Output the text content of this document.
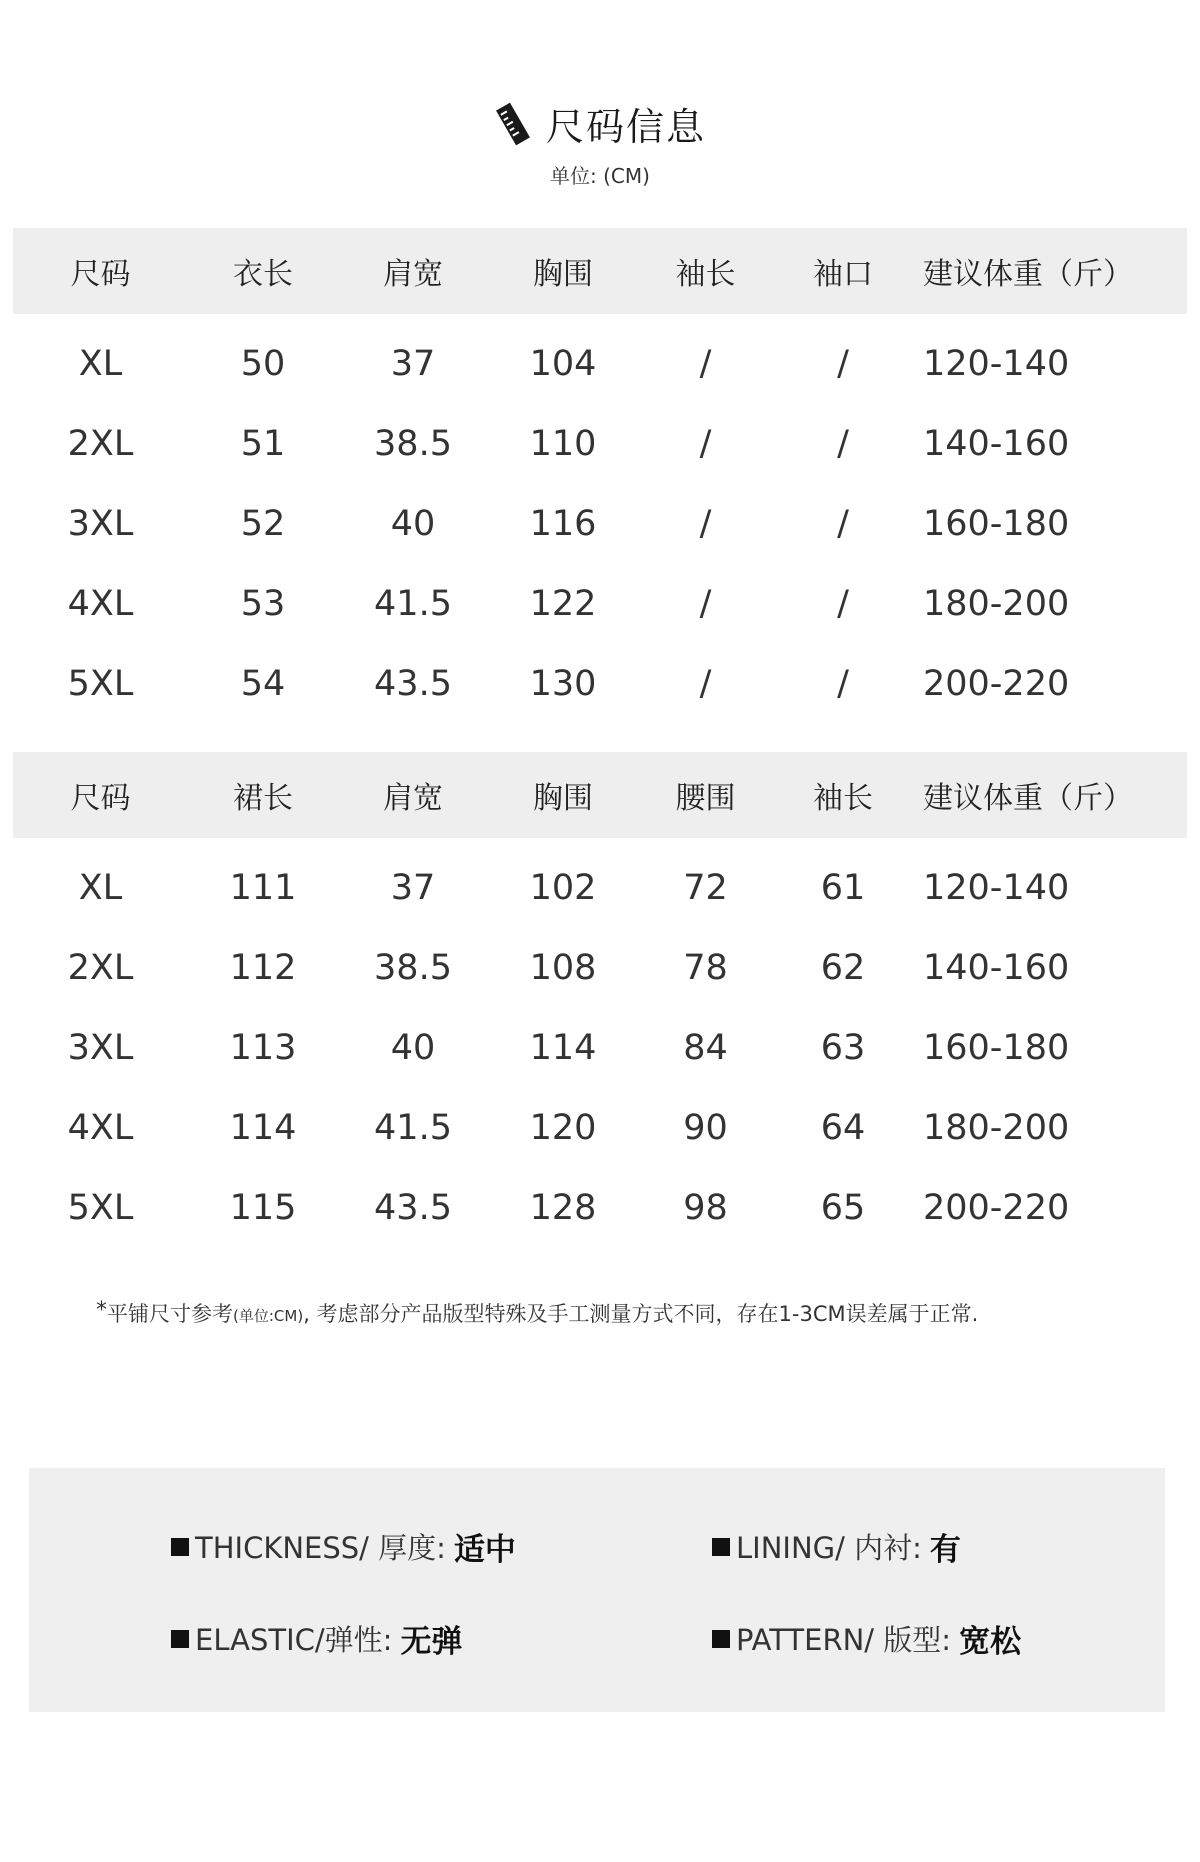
尺码信息
单位: (CM)
尺码	衣长	肩宽	胸围	袖长	袖口	建议体重（斤）
XL	50	37	104	/	/	120-140
2XL	51	38.5	110	/	/	140-160
3XL	52	40	116	/	/	160-180
4XL	53	41.5	122	/	/	180-200
5XL	54	43.5	130	/	/	200-220
尺码	裙长	肩宽	胸围	腰围	袖长	建议体重（斤）
XL	111	37	102	72	61	120-140
2XL	112	38.5	108	78	62	140-160
3XL	113	40	114	84	63	160-180
4XL	114	41.5	120	90	64	180-200
5XL	115	43.5	128	98	65	200-220
*平铺尺寸参考(单位:CM), 考虑部分产品版型特殊及手工测量方式不同，存在1-3CM误差属于正常.
THICKNESS/ 厚度: 适中	LINING/ 内衬: 有
ELASTIC/弹性: 无弹	PATTERN/ 版型: 宽松
